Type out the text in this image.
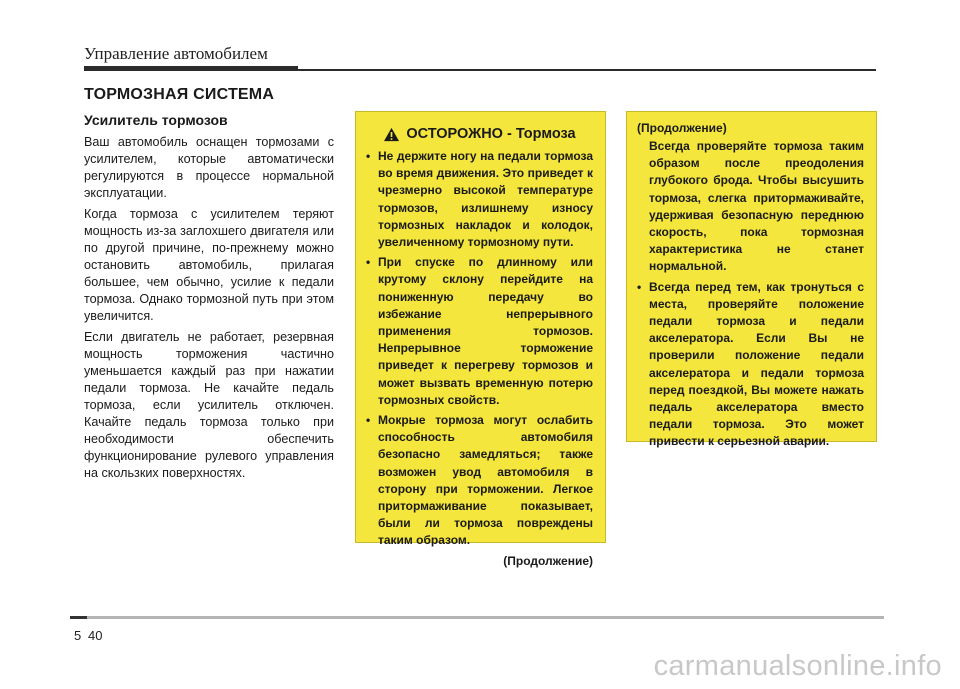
Управление автомобилем
ТОРМОЗНАЯ СИСТЕМА
Усилитель тормозов

Ваш автомобиль оснащен тормозами с усилителем, которые автоматически регулируются в процессе нормальной эксплуатации.

Когда тормоза с усилителем теряют мощность из-за заглохшего двигателя или по другой причине, по-прежнему можно остановить автомобиль, прилагая большее, чем обычно, усилие к педали тормоза. Однако тормозной путь при этом увеличится.

Если двигатель не работает, резервная мощность торможения частично уменьшается каждый раз при нажатии педали тормоза. Не качайте педаль тормоза, если усилитель отключен. Качайте педаль тормоза только при необходимости обеспечить функционирование рулевого управления на скользких поверхностях.

ОСТОРОЖНО - Тормоза
• Не держите ногу на педали тормоза во время движения. Это приведет к чрезмерно высокой температуре тормозов, излишнему износу тормозных накладок и колодок, увеличенному тормозному пути.
• При спуске по длинному или крутому склону перейдите на пониженную передачу во избежание непрерывного применения тормозов. Непрерывное торможение приведет к перегреву тормозов и может вызвать временную потерю тормозных свойств.
• Мокрые тормоза могут ослабить способность автомобиля безопасно замедляться; также возможен увод автомобиля в сторону при торможении. Легкое притормаживание показывает, были ли тормоза повреждены таким образом.
(Продолжение)
(Продолжение)
Всегда проверяйте тормоза таким образом после преодоления глубокого брода. Чтобы высушить тормоза, слегка притормаживайте, удерживая безопасную переднюю скорость, пока тормозная характеристика не станет нормальной.
• Всегда перед тем, как тронуться с места, проверяйте положение педали тормоза и педали акселератора. Если Вы не проверили положение педали акселератора и педали тормоза перед поездкой, Вы можете нажать педаль акселератора вместо педали тормоза. Это может привести к серьезной аварии.
5 40
carmanualsonline.info
